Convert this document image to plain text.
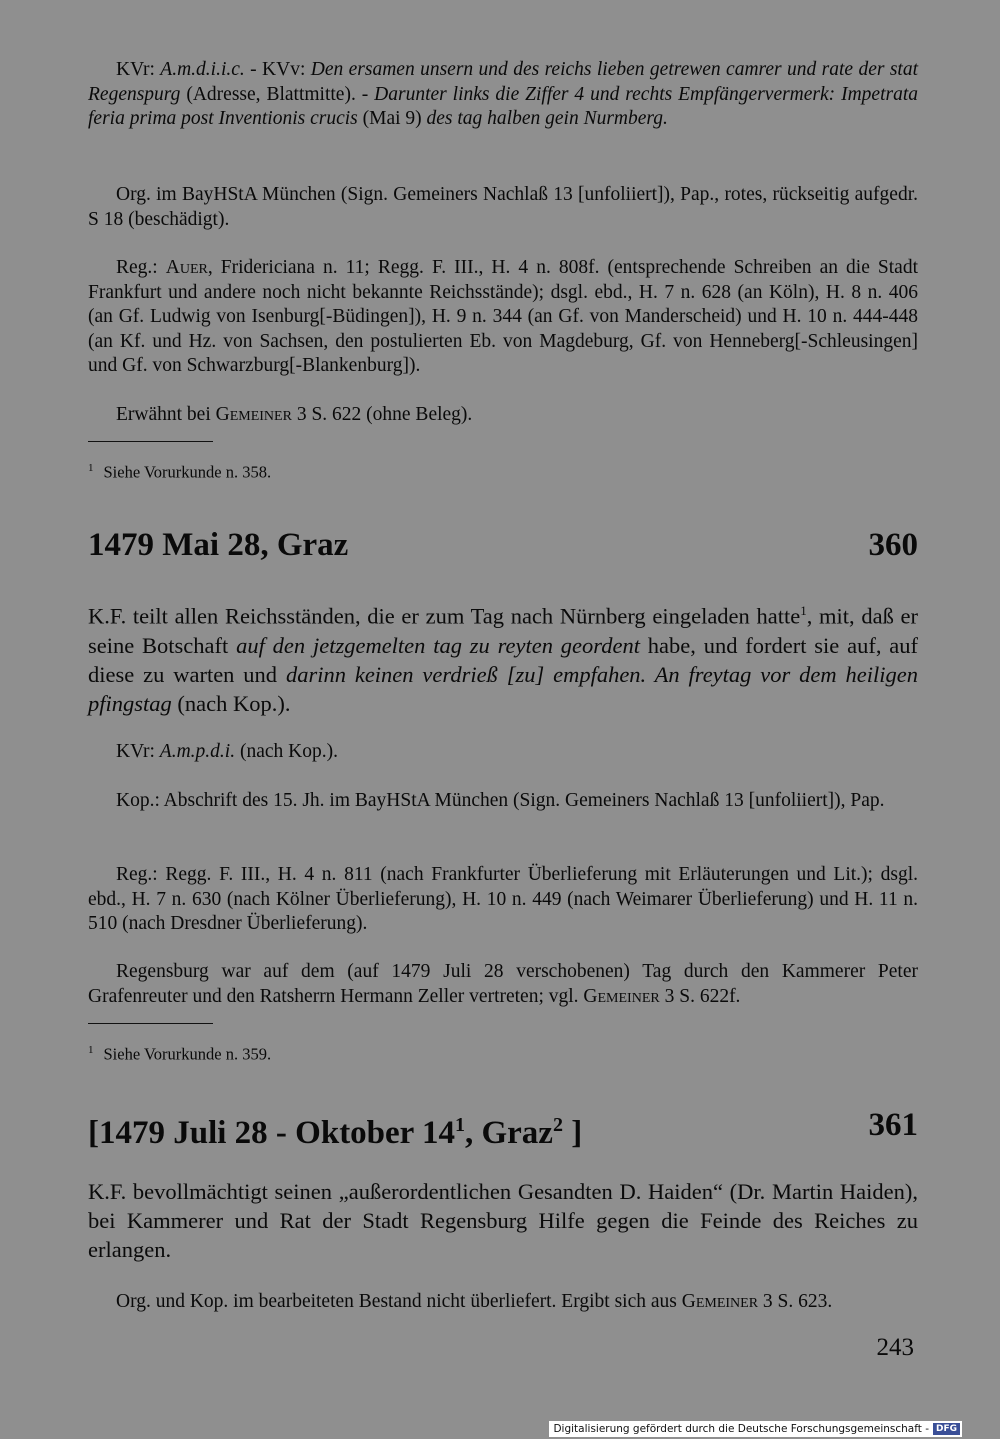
KVr: A.m.d.i.i.c. - KVv: Den ersamen unsern und des reichs lieben getrewen camrer und rate der stat Regenspurg (Adresse, Blattmitte). - Darunter links die Ziffer 4 und rechts Empfängervermerk: Impetrata feria prima post Inventionis crucis (Mai 9) des tag halben gein Nurmberg.

Org. im BayHStA München (Sign. Gemeiners Nachlaß 13 [unfoliiert]), Pap., rotes, rückseitig aufgedr. S 18 (beschädigt).

Reg.: Auer, Fridericiana n. 11; Regg. F. III., H. 4 n. 808f. (entsprechende Schreiben an die Stadt Frankfurt und andere noch nicht bekannte Reichsstände); dsgl. ebd., H. 7 n. 628 (an Köln), H. 8 n. 406 (an Gf. Ludwig von Isenburg[-Büdingen]), H. 9 n. 344 (an Gf. von Manderscheid) und H. 10 n. 444-448 (an Kf. und Hz. von Sachsen, den postulierten Eb. von Magdeburg, Gf. von Henneberg[-Schleusingen] und Gf. von Schwarzburg[-Blankenburg]).

Erwähnt bei Gemeiner 3 S. 622 (ohne Beleg).

$^1$ Siehe Vorurkunde n. 358.
1479 Mai 28, Graz	360

K.F. teilt allen Reichsständen, die er zum Tag nach Nürnberg eingeladen hatte$^1$, mit, daß er seine Botschaft auf den jetzgemelten tag zu reyten geordent habe, und fordert sie auf, auf diese zu warten und darinn keinen verdrieß [zu] empfahen. An freytag vor dem heiligen pfingstag (nach Kop.).

KVr: A.m.p.d.i. (nach Kop.).

Kop.: Abschrift des 15. Jh. im BayHStA München (Sign. Gemeiners Nachlaß 13 [unfoliiert]), Pap.

Reg.: Regg. F. III., H. 4 n. 811 (nach Frankfurter Überlieferung mit Erläuterungen und Lit.); dsgl. ebd., H. 7 n. 630 (nach Kölner Überlieferung), H. 10 n. 449 (nach Weimarer Überlieferung) und H. 11 n. 510 (nach Dresdner Überlieferung).

Regensburg war auf dem (auf 1479 Juli 28 verschobenen) Tag durch den Kammerer Peter Grafenreuter und den Ratsherrn Hermann Zeller vertreten; vgl. Gemeiner 3 S. 622f.

$^1$ Siehe Vorurkunde n. 359.
[1479 Juli 28 - Oktober $14^1$, Graz$^2$ ]	361

K.F. bevollmächtigt seinen „außerordentlichen Gesandten D. Haiden“ (Dr. Martin Haiden), bei Kammerer und Rat der Stadt Regensburg Hilfe gegen die Feinde des Reiches zu erlangen.

Org. und Kop. im bearbeiteten Bestand nicht überliefert. Ergibt sich aus Gemeiner 3 S. 623.

243
Digitalisierung gefördert durch die Deutsche Forschungsgemeinschaft - DFG
